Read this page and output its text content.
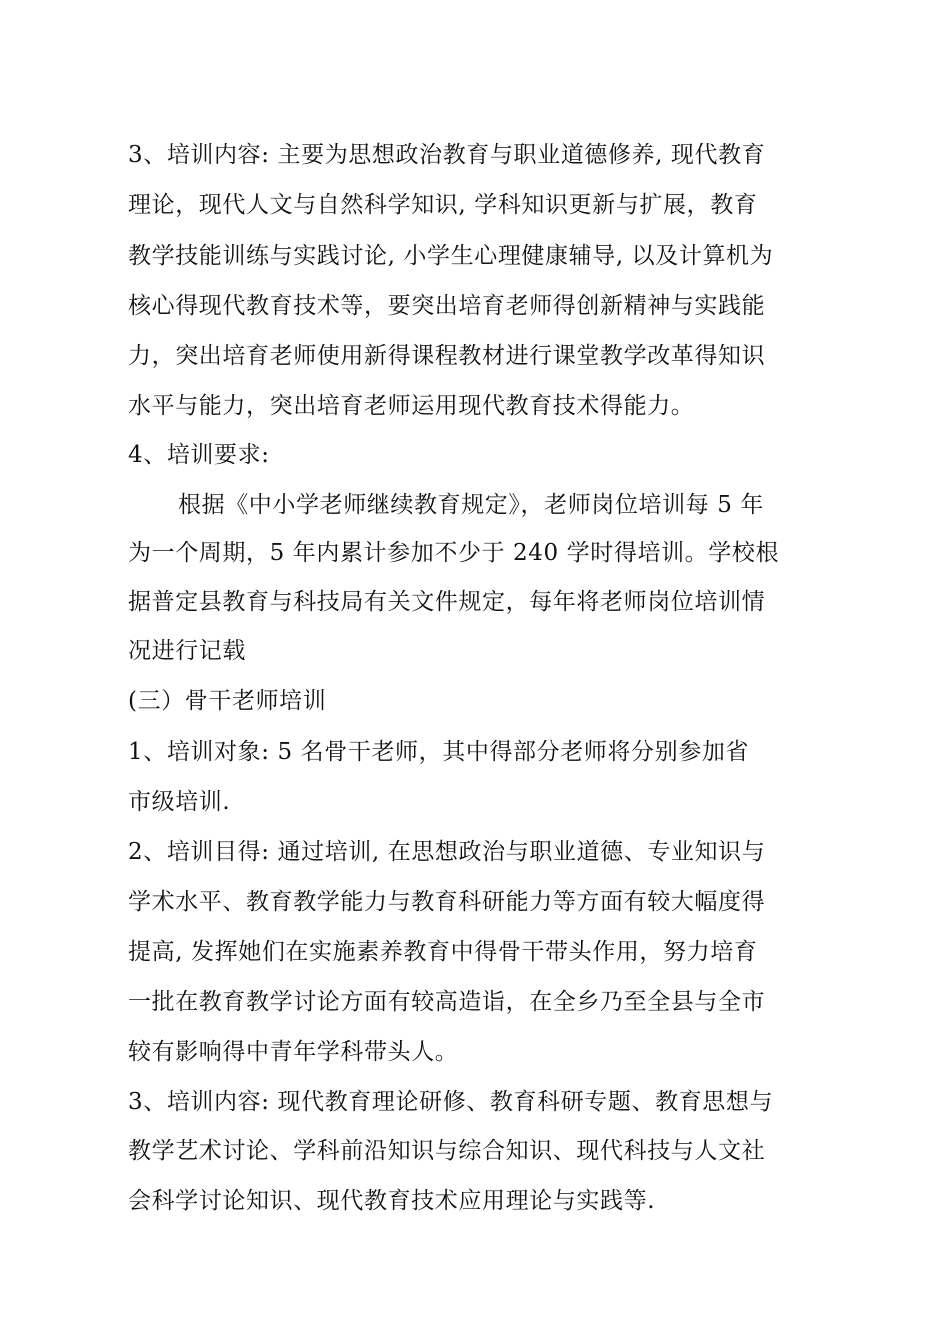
3、培训内容: 主要为思想政治教育与职业道德修养, 现代教育
理论，现代人文与自然科学知识, 学科知识更新与扩展，教育
教学技能训练与实践讨论, 小学生心理健康辅导, 以及计算机为
核心得现代教育技术等，要突出培育老师得创新精神与实践能
力，突出培育老师使用新得课程教材进行课堂教学改革得知识
水平与能力，突出培育老师运用现代教育技术得能力。
4、培训要求:
根据《中小学老师继续教育规定》，老师岗位培训每 5 年
为一个周期，5 年内累计参加不少于 240 学时得培训。学校根
据普定县教育与科技局有关文件规定，每年将老师岗位培训情
况进行记载
(三）骨干老师培训
1、培训对象: 5 名骨干老师，其中得部分老师将分别参加省
市级培训.
2、培训目得: 通过培训, 在思想政治与职业道德、专业知识与
学术水平、教育教学能力与教育科研能力等方面有较大幅度得
提高, 发挥她们在实施素养教育中得骨干带头作用，努力培育
一批在教育教学讨论方面有较高造诣，在全乡乃至全县与全市
较有影响得中青年学科带头人。
3、培训内容: 现代教育理论研修、教育科研专题、教育思想与
教学艺术讨论、学科前沿知识与综合知识、现代科技与人文社
会科学讨论知识、现代教育技术应用理论与实践等.
